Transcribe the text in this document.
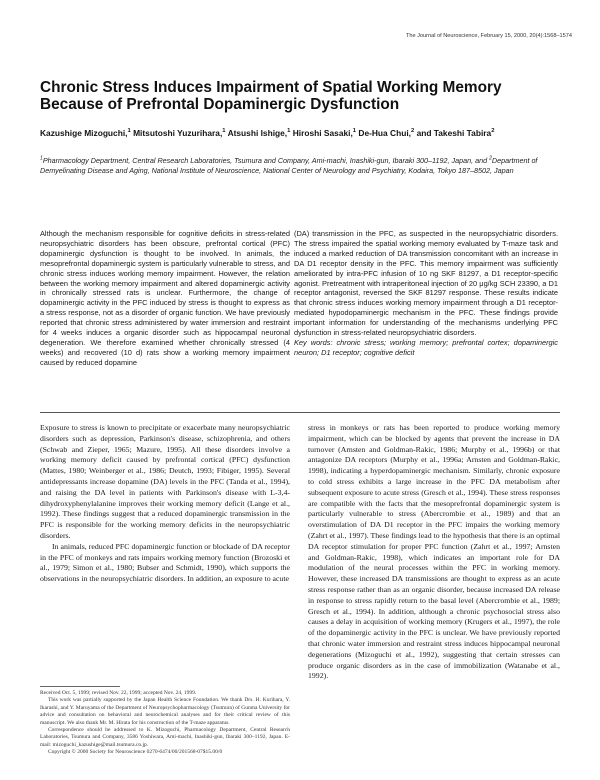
The Journal of Neuroscience, February 15, 2000, 20(4):1568–1574
Chronic Stress Induces Impairment of Spatial Working Memory
Because of Prefrontal Dopaminergic Dysfunction
Kazushige Mizoguchi,$^1$ Mitsutoshi Yuzurihara,$^1$ Atsushi Ishige,$^1$ Hiroshi Sasaki,$^1$ De-Hua Chui,$^2$ and Takeshi Tabira$^2$
$^1$Pharmacology Department, Central Research Laboratories, Tsumura and Company, Ami-machi, Inashiki-gun, Ibaraki 300–1192, Japan, and $^2$Department of Demyelinating Disease and Aging, National Institute of Neuroscience, National Center of Neurology and Psychiatry, Kodaira, Tokyo 187–8502, Japan
Although the mechanism responsible for cognitive deficits in stress-related neuropsychiatric disorders has been obscure, prefrontal cortical (PFC) dopaminergic dysfunction is thought to be involved. In animals, the mesoprefrontal dopaminergic system is particularly vulnerable to stress, and chronic stress induces working memory impairment. However, the relation between the working memory impairment and altered dopaminergic activity in chronically stressed rats is unclear. Furthermore, the change of dopaminergic activity in the PFC induced by stress is thought to express as a stress response, not as a disorder of organic function. We have previously reported that chronic stress administered by water immersion and restraint for 4 weeks induces a organic disorder such as hippocampal neuronal degeneration. We therefore examined whether chronically stressed (4 weeks) and recovered (10 d) rats show a working memory impairment caused by reduced dopamine
(DA) transmission in the PFC, as suspected in the neuropsychiatric disorders. The stress impaired the spatial working memory evaluated by T-maze task and induced a marked reduction of DA transmission concomitant with an increase in DA D1 receptor density in the PFC. This memory impairment was sufficiently ameliorated by intra-PFC infusion of 10 ng SKF 81297, a D1 receptor-specific agonist. Pretreatment with intraperitoneal injection of 20 μg/kg SCH 23390, a D1 receptor antagonist, reversed the SKF 81297 response. These results indicate that chronic stress induces working memory impairment through a D1 receptor-mediated hypodopaminergic mechanism in the PFC. These findings provide important information for understanding of the mechanisms underlying PFC dysfunction in stress-related neuropsychiatric disorders.
Key words: chronic stress; working memory; prefrontal cortex; dopaminergic neuron; D1 receptor; cognitive deficit

Exposure to stress is known to precipitate or exacerbate many neuropsychiatric disorders such as depression, Parkinson's disease, schizophrenia, and others (Schwab and Zieper, 1965; Mazure, 1995). All these disorders involve a working memory deficit caused by prefrontal cortical (PFC) dysfunction (Mattes, 1980; Weinberger et al., 1986; Deutch, 1993; Fibiger, 1995). Several antidepressants increase dopamine (DA) levels in the PFC (Tanda et al., 1994), and raising the DA level in patients with Parkinson's disease with L-3,4-dihydroxyphenylalanine improves their working memory deficit (Lange et al., 1992). These findings suggest that a reduced dopaminergic transmission in the PFC is responsible for the working memory deficits in the neuropsychiatric disorders.

In animals, reduced PFC dopaminergic function or blockade of DA receptor in the PFC of monkeys and rats impairs working memory function (Brozoski et al., 1979; Simon et al., 1980; Bubser and Schmidt, 1990), which supports the observations in the neuropsychiatric disorders. In addition, an exposure to acute

stress in monkeys or rats has been reported to produce working memory impairment, which can be blocked by agents that prevent the increase in DA turnover (Arnsten and Goldman-Rakic, 1986; Murphy et al., 1996b) or that antagonize DA receptors (Murphy et al., 1996a; Arnsten and Goldman-Rakic, 1998), indicating a hyperdopaminergic mechanism. Similarly, chronic exposure to cold stress exhibits a large increase in the PFC DA metabolism after subsequent exposure to acute stress (Gresch et al., 1994). These stress responses are compatible with the facts that the mesoprefrontal dopaminergic system is particularly vulnerable to stress (Abercrombie et al., 1989) and that an overstimulation of DA D1 receptor in the PFC impairs the working memory (Zahrt et al., 1997). These findings lead to the hypothesis that there is an optimal DA receptor stimulation for proper PFC function (Zahrt et al., 1997; Arnsten and Goldman-Rakic, 1998), which indicates an important role for DA modulation of the neural processes within the PFC in working memory. However, these increased DA transmissions are thought to express as an acute stress response rather than as an organic disorder, because increased DA release in response to stress rapidly return to the basal level (Abercrombie et al., 1989; Gresch et al., 1994). In addition, although a chronic psychosocial stress also causes a delay in acquisition of working memory (Krugers et al., 1997), the role of the dopaminergic activity in the PFC is unclear. We have previously reported that chronic water immersion and restraint stress induces hippocampal neuronal degenerations (Mizoguchi et al., 1992), suggesting that certain stresses can produce organic disorders as in the case of immobilization (Watanabe et al., 1992).

Received Oct. 5, 1999; revised Nov. 22, 1999; accepted Nov. 24, 1999.

This work was partially supported by the Japan Health Science Foundation. We thank Drs. H. Kurihara, Y. Ikarashi, and Y. Maruyama of the Department of Neuropsychopharmacology (Tsumura) of Gunma University for advice and consultation on behavioral and neurochemical analyses and for their critical review of this manuscript. We also thank Mr. M. Hirata for his construction of the T-maze apparatus.

Correspondence should be addressed to K. Mizoguchi, Pharmacology Department, Central Research Laboratories, Tsumura and Company, 3586 Yoshiwara, Ami-machi, Inashiki-gun, Ibaraki 300–1192, Japan. E-mail: mizoguchi_kazushige@mail.tsumura.co.jp.

Copyright © 2000 Society for Neuroscience 0270-6474/00/201568-07$15.00/0
